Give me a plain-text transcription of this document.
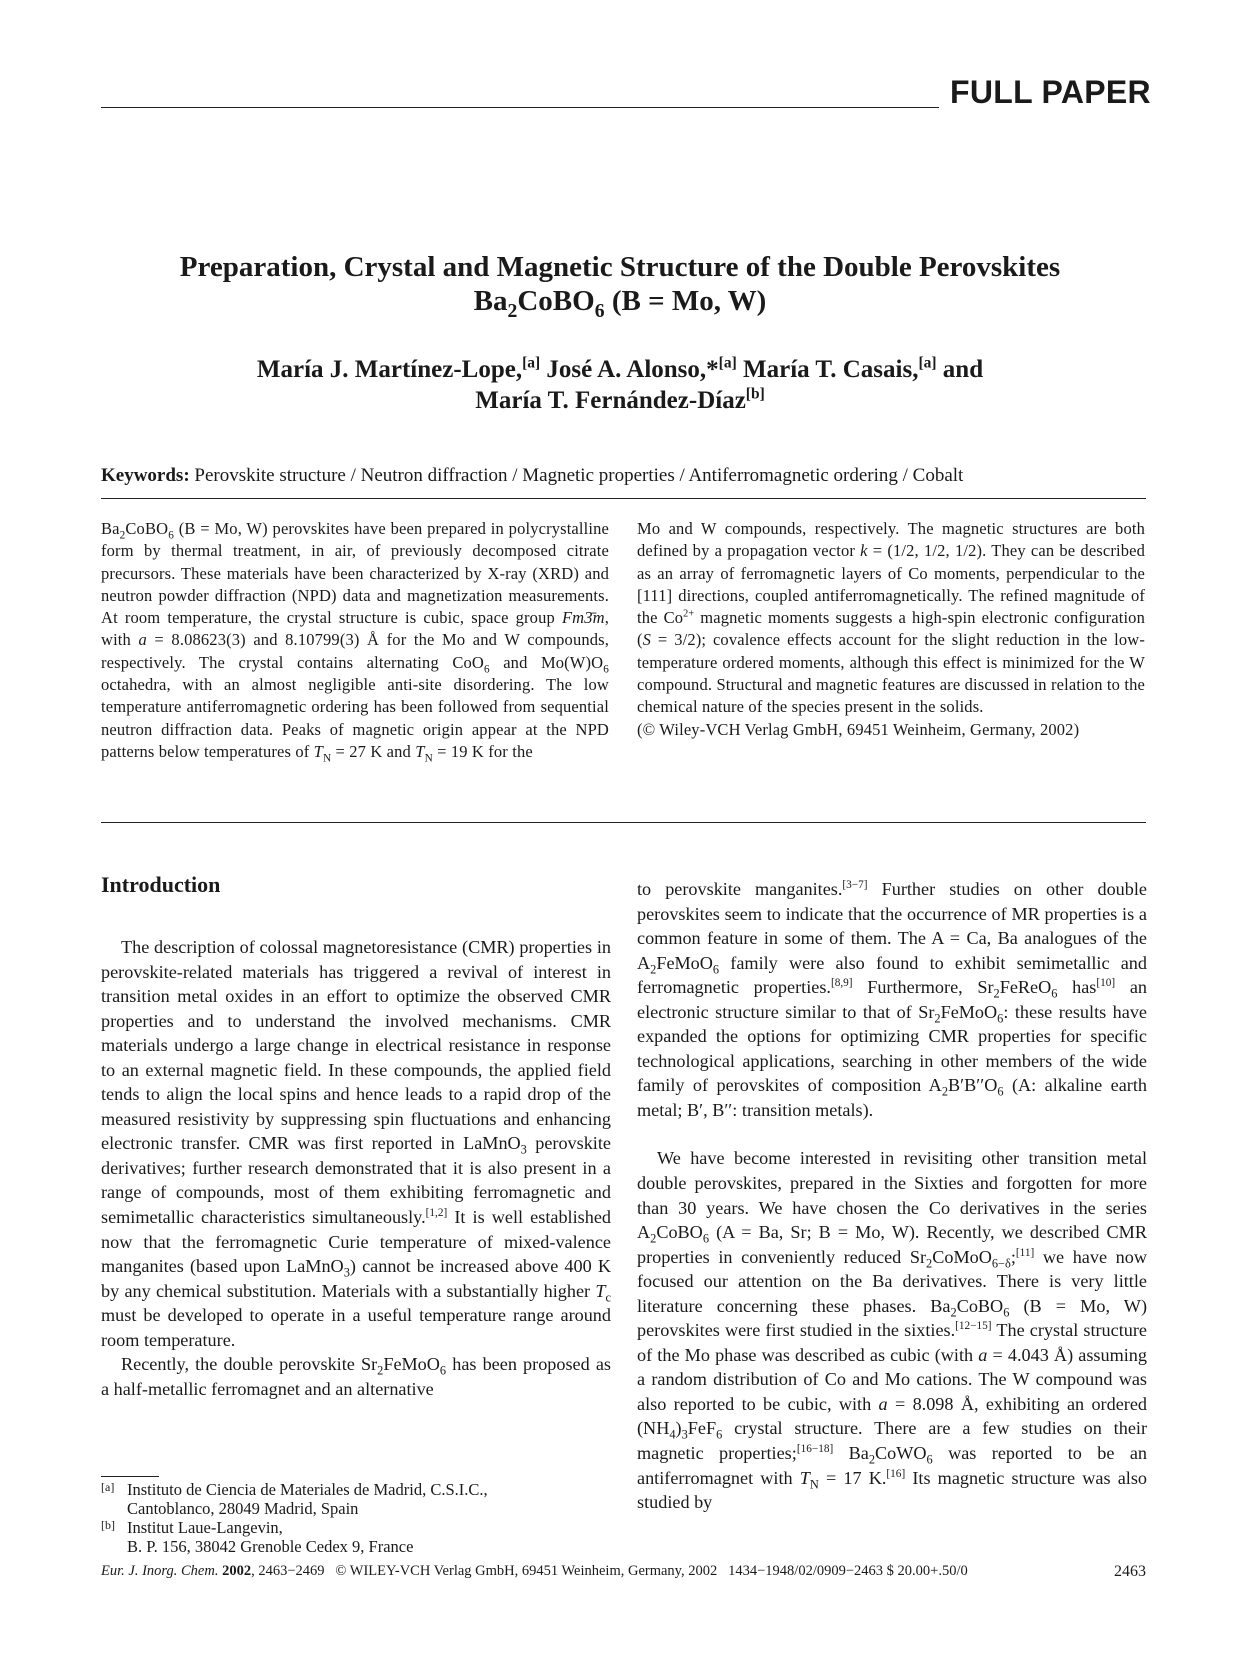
FULL PAPER
Preparation, Crystal and Magnetic Structure of the Double Perovskites
$Ba_2CoBO_6$ (B = Mo, W)
María J. Martínez-Lope,[a] José A. Alonso,*[a] María T. Casais,[a] and
María T. Fernández-Díaz[b]
Keywords: Perovskite structure / Neutron diffraction / Magnetic properties / Antiferromagnetic ordering / Cobalt
$Ba_2CoBO_6$ (B = Mo, W) perovskites have been prepared in polycrystalline form by thermal treatment, in air, of previously decomposed citrate precursors. These materials have been characterized by X-ray (XRD) and neutron powder diffraction (NPD) data and magnetization measurements. At room temperature, the crystal structure is cubic, space group Fm3̄m, with a = 8.08623(3) and 8.10799(3) Å for the Mo and W compounds, respectively. The crystal contains alternating CoO$_6$ and $Mo(W)O_6$ octahedra, with an almost negligible anti-site disordering. The low temperature antiferromagnetic ordering has been followed from sequential neutron diffraction data. Peaks of magnetic origin appear at the NPD patterns below temperatures of $T_N = 27$ K and $T_N = 19$ K for the
Mo and W compounds, respectively. The magnetic structures are both defined by a propagation vector k = (1/2, 1/2, 1/2). They can be described as an array of ferromagnetic layers of Co moments, perpendicular to the [111] directions, coupled antiferromagnetically. The refined magnitude of the $Co^{2+}$ magnetic moments suggests a high-spin electronic configuration (S = 3/2); covalence effects account for the slight reduction in the low-temperature ordered moments, although this effect is minimized for the W compound. Structural and magnetic features are discussed in relation to the chemical nature of the species present in the solids.
(© Wiley-VCH Verlag GmbH, 69451 Weinheim, Germany, 2002)
Introduction

The description of colossal magnetoresistance (CMR) properties in perovskite-related materials has triggered a revival of interest in transition metal oxides in an effort to optimize the observed CMR properties and to understand the involved mechanisms. CMR materials undergo a large change in electrical resistance in response to an external magnetic field. In these compounds, the applied field tends to align the local spins and hence leads to a rapid drop of the measured resistivity by suppressing spin fluctuations and enhancing electronic transfer. CMR was first reported in LaMnO$_3$ perovskite derivatives; further research demonstrated that it is also present in a range of compounds, most of them exhibiting ferromagnetic and semimetallic characteristics simultaneously.[1,2] It is well established now that the ferromagnetic Curie temperature of mixed-valence manganites (based upon LaMnO$_3$) cannot be increased above 400 K by any chemical substitution. Materials with a substantially higher $T_c$ must be developed to operate in a useful temperature range around room temperature.

Recently, the double perovskite $Sr_2FeMoO_6$ has been proposed as a half-metallic ferromagnet and an alternative

to perovskite manganites.[3−7] Further studies on other double perovskites seem to indicate that the occurrence of MR properties is a common feature in some of them. The A = Ca, Ba analogues of the $A_2FeMoO_6$ family were also found to exhibit semimetallic and ferromagnetic properties.[8,9] Furthermore, $Sr_2FeReO_6$ has[10] an electronic structure similar to that of $Sr_2FeMoO_6$: these results have expanded the options for optimizing CMR properties for specific technological applications, searching in other members of the wide family of perovskites of composition $A_2B'B''O_6$ (A: alkaline earth metal; B′, B′′: transition metals).

We have become interested in revisiting other transition metal double perovskites, prepared in the Sixties and forgotten for more than 30 years. We have chosen the Co derivatives in the series $A_2CoBO_6$ (A = Ba, Sr; B = Mo, W). Recently, we described CMR properties in conveniently reduced $Sr_2CoMoO_{6-\delta};[11]$ we have now focused our attention on the Ba derivatives. There is very little literature concerning these phases. $Ba_2CoBO_6$ (B = Mo, W) perovskites were first studied in the sixties.[12−15] The crystal structure of the Mo phase was described as cubic (with a = 4.043 Å) assuming a random distribution of Co and Mo cations. The W compound was also reported to be cubic, with a = 8.098 Å, exhibiting an ordered $(NH_4)_3FeF_6$ crystal structure. There are a few studies on their magnetic properties;[16−18] $Ba_2CoWO_6$ was reported to be an antiferromagnet with $T_N = 17$ K.[16] Its magnetic structure was also studied by

[a] Instituto de Ciencia de Materiales de Madrid, C.S.I.C.,
Cantoblanco, 28049 Madrid, Spain
[b] Institut Laue-Langevin,
B. P. 156, 38042 Grenoble Cedex 9, France
Eur. J. Inorg. Chem. 2002, 2463−2469 © WILEY-VCH Verlag GmbH, 69451 Weinheim, Germany, 2002 1434−1948/02/0909−2463 $ 20.00+.50/0	2463
